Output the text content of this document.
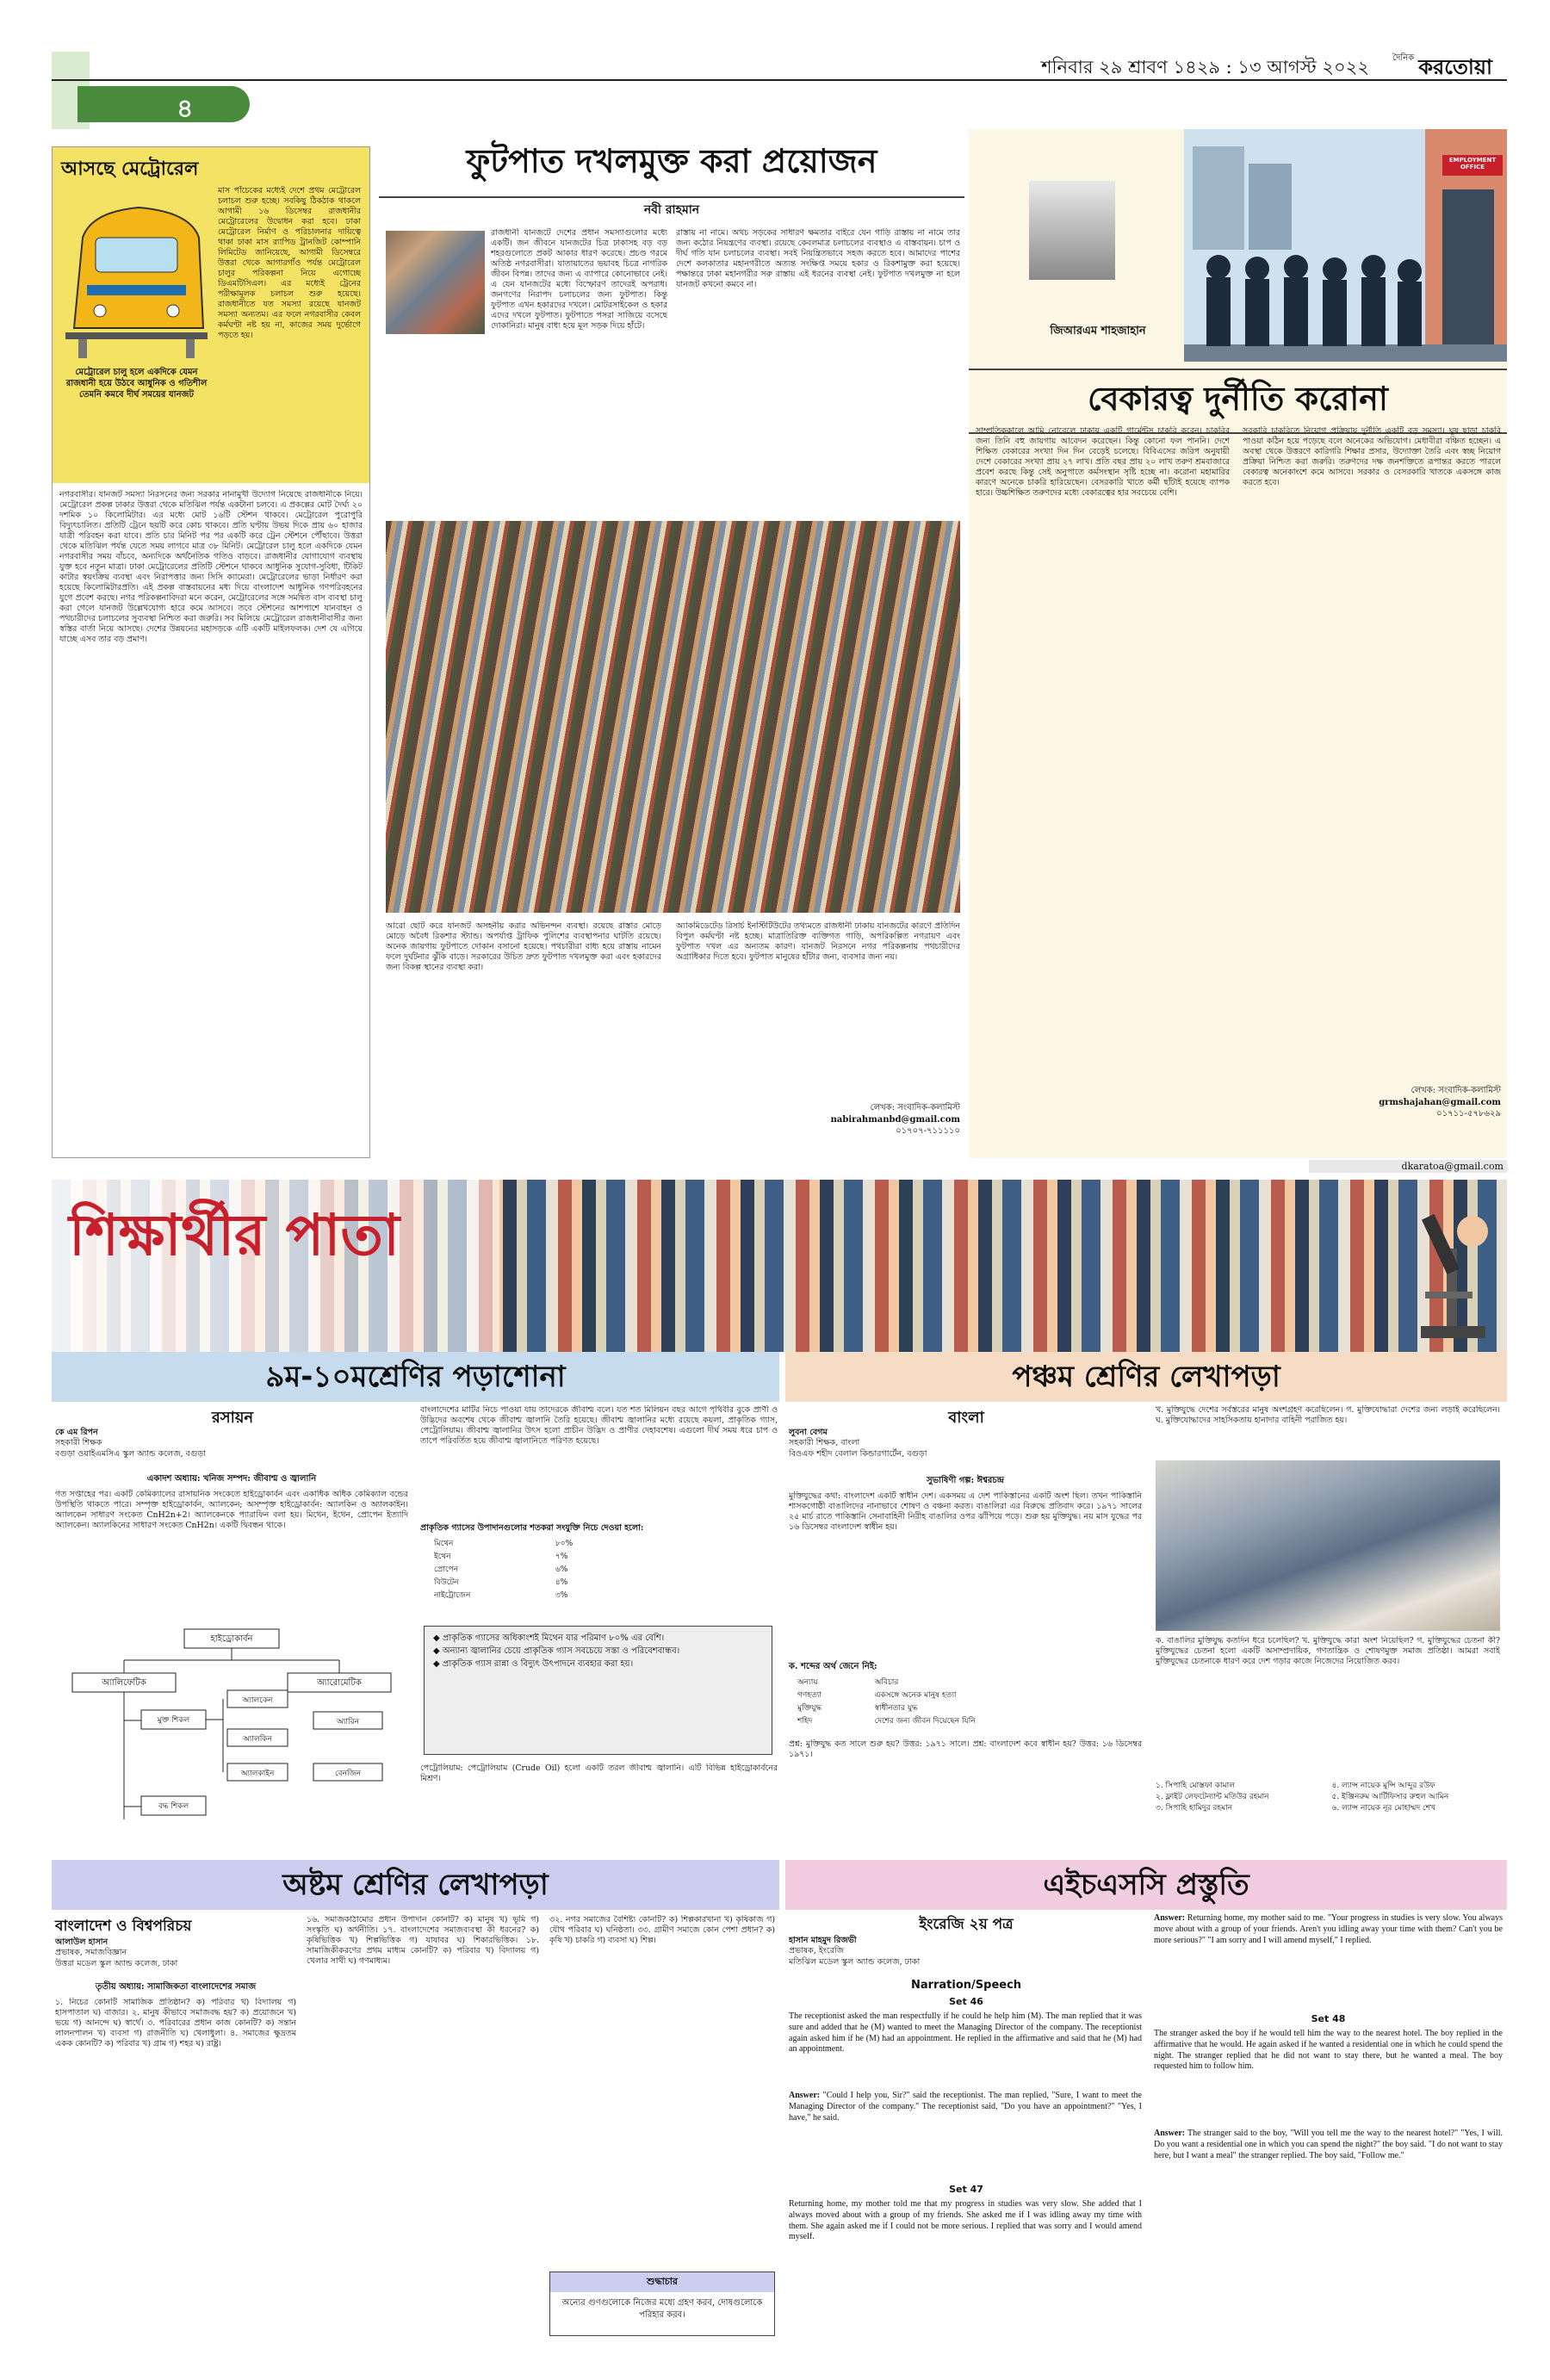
৪
শনিবার ২৯ শ্রাবণ ১৪২৯ : ১৩ আগস্ট ২০২২	$^{দৈনিক}$ করতোয়া
আসছে মেট্রোরেল
মাস পাঁচেকের মধ্যেই দেশে প্রথম মেট্রোরেল চলাচল শুরু হচ্ছে। সবকিছু ঠিকঠাক থাকলে আগামী ১৬ ডিসেম্বর রাজধানীর মেট্রোরেলের উদ্বোধন করা হবে। ঢাকা মেট্রোরেল নির্মাণ ও পরিচালনার দায়িত্বে থাকা ঢাকা মাস র‌্যাপিড ট্রানজিট কোম্পানি লিমিটেড জানিয়েছে, আগামী ডিসেম্বরে উত্তরা থেকে আগারগাঁও পর্যন্ত মেট্রোরেল চালুর পরিকল্পনা নিয়ে এগোচ্ছে ডিএমটিসিএল। এর মধ্যেই ট্রেনের পরীক্ষামূলক চলাচল শুরু হয়েছে। রাজধানীতে যত সমস্যা রয়েছে যানজট সমস্যা অন্যতম। এর ফলে নগরবাসীর কেবল কর্মঘণ্টা নষ্ট হয় না, কাজের সময় দুর্ভোগে পড়তে হয়।
মেট্রোরেল চালু হলে একদিকে যেমন রাজধানী হয়ে উঠবে আধুনিক ও গতিশীল তেমনি কমবে দীর্ঘ সময়ের যানজট
নগরবাসীর। যানজট সমস্যা নিরসনের জন্য সরকার নানামুখী উদ্যোগ নিয়েছে রাজধানীকে নিয়ে। মেট্রোরেল প্রকল্প ঢাকার উত্তরা থেকে মতিঝিল পর্যন্ত একটানা চলবে। এ প্রকল্পের মোট দৈর্ঘ্য ২০ দশমিক ১০ কিলোমিটার। এর মধ্যে মোট ১৬টি স্টেশন থাকবে। মেট্রোরেল পুরোপুরি বিদ্যুৎচালিত। প্রতিটি ট্রেনে ছয়টি করে কোচ থাকবে। প্রতি ঘণ্টায় উভয় দিকে প্রায় ৬০ হাজার যাত্রী পরিবহন করা যাবে। প্রতি চার মিনিট পর পর একটি করে ট্রেন স্টেশনে পৌঁছাবে। উত্তরা থেকে মতিঝিল পর্যন্ত যেতে সময় লাগবে মাত্র ৩৮ মিনিট। মেট্রোরেল চালু হলে একদিকে যেমন নগরবাসীর সময় বাঁচবে, অন্যদিকে অর্থনৈতিক গতিও বাড়বে। রাজধানীর যোগাযোগ ব্যবস্থায় যুক্ত হবে নতুন মাত্রা। ঢাকা মেট্রোরেলের প্রতিটি স্টেশনে থাকবে আধুনিক সুযোগ-সুবিধা, টিকিট কাটার স্বয়ংক্রিয় ব্যবস্থা এবং নিরাপত্তার জন্য সিসি ক্যামেরা। মেট্রোরেলের ভাড়া নির্ধারণ করা হয়েছে কিলোমিটারপ্রতি। এই প্রকল্প বাস্তবায়নের মধ্য দিয়ে বাংলাদেশ আধুনিক গণপরিবহনের যুগে প্রবেশ করছে। নগর পরিকল্পনাবিদরা মনে করেন, মেট্রোরেলের সঙ্গে সমন্বিত বাস ব্যবস্থা চালু করা গেলে যানজট উল্লেখযোগ্য হারে কমে আসবে। তবে স্টেশনের আশপাশে যানবাহন ও পথচারীদের চলাচলের সুব্যবস্থা নিশ্চিত করা জরুরি। সব মিলিয়ে মেট্রোরেল রাজধানীবাসীর জন্য স্বস্তির বার্তা নিয়ে আসছে। দেশের উন্নয়নের মহাসড়কে এটি একটি মাইলফলক। দেশ যে এগিয়ে যাচ্ছে এসব তার বড় প্রমাণ।
ফুটপাত দখলমুক্ত করা প্রয়োজন
নবী রাহমান
রাজধানী যানজটে দেশের প্রধান সমস্যাগুলোর মধ্যে একটি। জন জীবনে যানজটের চিত্র ঢাকাসহ বড় বড় শহরগুলোতে প্রকট আকার ধারণ করেছে। প্রচণ্ড গরমে অতিষ্ঠ নগরবাসীরা। যাতায়াতের ভয়াবহ চিত্রে নাগরিক জীবন বিপন্ন। তাদের জন্য এ ব্যাপারে কোনোভাবে নেই। এ যেন যানজটের মধ্যে বিস্ফোরণ তাদেরই অপরাধ। জনগণের নিরাপদ চলাচলের জন্য ফুটপাত। কিন্তু ফুটপাত এখন হকারদের দখলে। মোটরসাইকেল ও হকার এদের দখলে ফুটপাত। ফুটপাতে পসরা সাজিয়ে বসেছে দোকানিরা। মানুষ বাধ্য হয়ে মূল সড়ক দিয়ে হাঁটে।
রাস্তায় না নামে। অথচ সড়কের সাধারণ ক্ষমতার বাইরে যেন গাড়ি রাস্তায় না নামে তার জন্য কঠোর নিয়ন্ত্রণের ব্যবস্থা। রয়েছে কেবলমাত্র চলাচলের ব্যবস্থাও এ বাস্তবায়ন। চাপ ও দীর্ঘ গতি যান চলাচলের ব্যবস্থা। সবই নিয়ন্ত্রিতভাবে সহজ করতে হবে। আমাদের পাশের দেশে কলকাতার মহানগরীতে অত্যন্ত সংক্ষিপ্ত সময়ে হকার ও রিকশামুক্ত করা হয়েছে। পক্ষান্তরে ঢাকা মহানগরীর সরু রাস্তায় এই ধরনের ব্যবস্থা নেই। ফুটপাত দখলমুক্ত না হলে যানজট কখনো কমবে না।
আরো ছোট করে যানজট অসহনীয় করার অভিনন্দন ব্যবস্থা। রয়েছে রাস্তার মোড়ে মোড়ে অবৈধ রিকশার স্ট্যান্ড। অপর্যাপ্ত ট্রাফিক পুলিশের ব্যবস্থাপনার ঘাটতি রয়েছে। অনেক জায়গায় ফুটপাতে দোকান বসানো হয়েছে। পথচারীরা বাধ্য হয়ে রাস্তায় নামেন ফলে দুর্ঘটনার ঝুঁকি বাড়ে। সরকারের উচিত দ্রুত ফুটপাত দখলমুক্ত করা এবং হকারদের জন্য বিকল্প স্থানের ব্যবস্থা করা।
অ্যাকমিডেটেড রিসার্চ ইনস্টিটিউটের তথ্যমতে রাজধানী ঢাকায় যানজটের কারণে প্রতিদিন বিপুল কর্মঘণ্টা নষ্ট হচ্ছে। মাত্রাতিরিক্ত ব্যক্তিগত গাড়ি, অপরিকল্পিত নগরায়ণ এবং ফুটপাত দখল এর অন্যতম কারণ। যানজট নিরসনে নগর পরিকল্পনায় পথচারীদের অগ্রাধিকার দিতে হবে। ফুটপাত মানুষের হাঁটার জন্য, ব্যবসার জন্য নয়।
লেখক: সংবাদিক-কলামিস্ট
nabirahmanbd@gmail.com
০১৭০৭-৭১১১১০
জিআরএম শাহজাহান
EMPLOYMENT OFFICE
বেকারত্ব দুর্নীতি করোনা
সাম্প্রতিককালে আমি নোবেলে ঢাকায় একটি গার্মেন্টস চাকরি করেন। চাকরির জন্য তিনি বহু জায়গায় আবেদন করেছেন। কিন্তু কোনো ফল পাননি। দেশে শিক্ষিত বেকারের সংখ্যা দিন দিন বেড়েই চলেছে। বিবিএসের জরিপ অনুযায়ী দেশে বেকারের সংখ্যা প্রায় ২৭ লাখ। প্রতি বছর প্রায় ২০ লাখ তরুণ শ্রমবাজারে প্রবেশ করছে কিন্তু সেই অনুপাতে কর্মসংস্থান সৃষ্টি হচ্ছে না। করোনা মহামারির কারণে অনেকে চাকরি হারিয়েছেন। বেসরকারি খাতে কর্মী ছাঁটাই হয়েছে ব্যাপক হারে। উচ্চশিক্ষিত তরুণদের মধ্যে বেকারত্বের হার সবচেয়ে বেশি।
সরকারি চাকরিতে নিয়োগ প্রক্রিয়ায় দুর্নীতি একটি বড় সমস্যা। ঘুষ ছাড়া চাকরি পাওয়া কঠিন হয়ে পড়েছে বলে অনেকের অভিযোগ। মেধাবীরা বঞ্চিত হচ্ছেন। এ অবস্থা থেকে উত্তরণে কারিগরি শিক্ষার প্রসার, উদ্যোক্তা তৈরি এবং স্বচ্ছ নিয়োগ প্রক্রিয়া নিশ্চিত করা জরুরি। তরুণদের দক্ষ জনশক্তিতে রূপান্তর করতে পারলে বেকারত্ব অনেকাংশে কমে আসবে। সরকার ও বেসরকারি খাতকে একসঙ্গে কাজ করতে হবে।
লেখক: সংবাদিক-কলামিস্ট
grmshajahan@gmail.com
০১৭১১-৫৭৮৬২৯
dkaratoa@gmail.com
শিক্ষার্থীর পাতা
৯ম-১০মশ্রেণির পড়াশোনা
রসায়ন
কে এম রিপন
সহকারী শিক্ষক
বগুড়া ওয়াইএমসিএ স্কুল অ্যান্ড কলেজ, বগুড়া
একাদশ অধ্যায়: খনিজ সম্পদ: জীবাশ্ম ও জ্বালানি
গত সপ্তাহের পর। একটি কেমিক্যালের রাসায়নিক সংকেতে হাইড্রোকার্বন এবং একাধিক অধিক কেমিক্যাল বন্ডের উপস্থিতি থাকতে পারে। সম্পৃক্ত হাইড্রোকার্বন, অ্যালকেন; অসম্পৃক্ত হাইড্রোকার্বন: অ্যালকিন ও অ্যালকাইন। অ্যালকেন সাধারণ সংকেত CnH2n+2। অ্যালকেনকে প্যারাফিন বলা হয়। মিথেন, ইথেন, প্রোপেন ইত্যাদি অ্যালকেন। অ্যালকিনের সাধারণ সংকেত CnH2n। একটি দ্বিবন্ধন থাকে।
হাইড্রোকার্বন
অ্যালিফেটিক	অ্যারোমেটিক
মুক্ত শিকল
বদ্ধ শিকল
অ্যালকেন
অ্যালকিন
অ্যালকাইন
অ্যারিন
বেনজিন
বাংলাদেশের মাটির নিচে পাওয়া যায় তাদেরকে জীবাশ্ম বলে। যত শত মিলিয়ন বছর আগে পৃথিবীর বুকে প্রাণী ও উদ্ভিদের অবশেষ থেকে জীবাশ্ম জ্বালানি তৈরি হয়েছে। জীবাশ্ম জ্বালানির মধ্যে রয়েছে কয়লা, প্রাকৃতিক গ্যাস, পেট্রোলিয়াম। জীবাশ্ম জ্বালানির উৎস হলো প্রাচীন উদ্ভিদ ও প্রাণীর দেহাবশেষ। এগুলো দীর্ঘ সময় ধরে চাপ ও তাপে পরিবর্তিত হয়ে জীবাশ্ম জ্বালানিতে পরিণত হয়েছে।
প্রাকৃতিক গ্যাসের উপাদানগুলোর শতকরা সংযুক্তি নিচে দেওয়া হলো:
মিথেন	৮০%
ইথেন	৭%
প্রোপেন	৬%
বিউটেন	৪%
নাইট্রোজেন	৩%
◆ প্রাকৃতিক গ্যাসের অধিকাংশই মিথেন যার পরিমাণ ৮০% এর বেশি।
◆ অন্যান্য জ্বালানির চেয়ে প্রাকৃতিক গ্যাস সবচেয়ে সস্তা ও পরিবেশবান্ধব।
◆ প্রাকৃতিক গ্যাস রান্না ও বিদ্যুৎ উৎপাদনে ব্যবহার করা হয়।
পেট্রোলিয়াম: পেট্রোলিয়াম (Crude Oil) হলো একটি তরল জীবাশ্ম জ্বালানি। এটি বিভিন্ন হাইড্রোকার্বনের মিশ্রণ।
পঞ্চম শ্রেণির লেখাপড়া
বাংলা
লুবনা বেগম
সহকারী শিক্ষক, বাংলা
বিওএফ শহীদ বেলাল কিন্ডারগার্টেন, বগুড়া
সুভাষিণী গল্প: ঈশ্বরচন্দ্র
মুক্তিযুদ্ধের কথা: বাংলাদেশ একটি স্বাধীন দেশ। একসময় এ দেশ পাকিস্তানের একটি অংশ ছিল। তখন পাকিস্তানি শাসকগোষ্ঠী বাঙালিদের নানাভাবে শোষণ ও বঞ্চনা করত। বাঙালিরা এর বিরুদ্ধে প্রতিবাদ করে। ১৯৭১ সালের ২৫ মার্চ রাতে পাকিস্তানি সেনাবাহিনী নিরীহ বাঙালির ওপর ঝাঁপিয়ে পড়ে। শুরু হয় মুক্তিযুদ্ধ। নয় মাস যুদ্ধের পর ১৬ ডিসেম্বর বাংলাদেশ স্বাধীন হয়।
ক. শব্দের অর্থ জেনে নিই:
অন্যায়	অবিচার
গণহত্যা	একসঙ্গে অনেক মানুষ হত্যা
মুক্তিযুদ্ধ	স্বাধীনতার যুদ্ধ
শহিদ	দেশের জন্য জীবন দিয়েছেন যিনি
প্রশ্ন: মুক্তিযুদ্ধ কত সালে শুরু হয়? উত্তর: ১৯৭১ সালে। প্রশ্ন: বাংলাদেশ কবে স্বাধীন হয়? উত্তর: ১৬ ডিসেম্বর ১৯৭১।
খ. মুক্তিযুদ্ধে দেশের সর্বস্তরের মানুষ অংশগ্রহণ করেছিলেন। গ. মুক্তিযোদ্ধারা দেশের জন্য লড়াই করেছিলেন। ঘ. মুক্তিযোদ্ধাদের সাহসিকতায় হানাদার বাহিনী পরাজিত হয়।
ক. বাঙালির মুক্তিযুদ্ধ কতদিন ধরে চলেছিল? খ. মুক্তিযুদ্ধে কারা অংশ নিয়েছিল? গ. মুক্তিযুদ্ধের চেতনা কী? মুক্তিযুদ্ধের চেতনা হলো একটি অসাম্প্রদায়িক, গণতান্ত্রিক ও শোষণমুক্ত সমাজ প্রতিষ্ঠা। আমরা সবাই মুক্তিযুদ্ধের চেতনাকে ধারণ করে দেশ গড়ার কাজে নিজেদের নিয়োজিত করব।
১. সিপাহি মোস্তফা কামাল
২. ফ্লাইট লেফটেন্যান্ট মতিউর রহমান
৩. সিপাহি হামিদুর রহমান
৪. ল্যান্স নায়েক মুন্সি আব্দুর রউফ
৫. ইঞ্জিনরুম আর্টিফিসার রুহুল আমিন
৬. ল্যান্স নায়েক নূর মোহাম্মদ শেখ
অষ্টম শ্রেণির লেখাপড়া
বাংলাদেশ ও বিশ্বপরিচয়
আলাউল হাসান
প্রভাষক, সমাজবিজ্ঞান
উত্তরা মডেল স্কুল অ্যান্ড কলেজ, ঢাকা
তৃতীয় অধ্যায়: সামাজিকতা বাংলাদেশের সমাজ
১. নিচের কোনটি সামাজিক প্রতিষ্ঠান? ক) পরিবার খ) বিদ্যালয় গ) হাসপাতাল ঘ) বাজার। ২. মানুষ কীভাবে সমাজবদ্ধ হয়? ক) প্রয়োজনে খ) ভয়ে গ) আনন্দে ঘ) স্বার্থে। ৩. পরিবারের প্রধান কাজ কোনটি? ক) সন্তান লালনপালন খ) ব্যবসা গ) রাজনীতি ঘ) খেলাধুলা। ৪. সমাজের ক্ষুদ্রতম একক কোনটি? ক) পরিবার খ) গ্রাম গ) শহর ঘ) রাষ্ট্র।
১৬. সমাজকাঠামোর প্রধান উপাদান কোনটি? ক) মানুষ খ) ভূমি গ) সংস্কৃতি ঘ) অর্থনীতি। ১৭. বাংলাদেশের সমাজব্যবস্থা কী ধরনের? ক) কৃষিভিত্তিক খ) শিল্পভিত্তিক গ) যাযাবর ঘ) শিকারভিত্তিক। ১৮. সামাজিকীকরণের প্রথম মাধ্যম কোনটি? ক) পরিবার খ) বিদ্যালয় গ) খেলার সাথী ঘ) গণমাধ্যম।
৩২. নগর সমাজের বৈশিষ্ট্য কোনটি? ক) শিল্পকারখানা খ) কৃষিকাজ গ) যৌথ পরিবার ঘ) ঘনিষ্ঠতা। ৩৩. গ্রামীণ সমাজে কোন পেশা প্রধান? ক) কৃষি খ) চাকরি গ) ব্যবসা ঘ) শিল্প।
শুদ্ধাচার
অন্যের গুণগুলোকে নিজের মধ্যে গ্রহণ করব, দোষগুলোকে পরিহার করব।
এইচএসসি প্রস্তুতি
ইংরেজি ২য় পত্র
হাসান মাহমুদ রিজভী
প্রভাষক, ইংরেজি
মতিঝিল মডেল স্কুল অ্যান্ড কলেজ, ঢাকা
Narration/Speech
Set 46
The receptionist asked the man respectfully if he could he help him (M). The man replied that it was sure and added that he (M) wanted to meet the Managing Director of the company. The receptionist again asked him if he (M) had an appointment. He replied in the affirmative and said that he (M) had an appointment.
Answer: "Could I help you, Sir?" said the receptionist. The man replied, "Sure, I want to meet the Managing Director of the company." The receptionist said, "Do you have an appointment?" "Yes, I have," he said.
Set 47
Returning home, my mother told me that my progress in studies was very slow. She added that I always moved about with a group of my friends. She asked me if I was idling away my time with them. She again asked me if I could not be more serious. I replied that was sorry and I would amend myself.
Answer: Returning home, my mother said to me. "Your progress in studies is very slow. You always move about with a group of your friends. Aren't you idling away your time with them? Can't you be more serious?" "I am sorry and I will amend myself," I replied.
Set 48
The stranger asked the boy if he would tell him the way to the nearest hotel. The boy replied in the affirmative that he would. He again asked if he wanted a residential one in which he could spend the night. The stranger replied that he did not want to stay there, but he wanted a meal. The boy requested him to follow him.
Answer: The stranger said to the boy, "Will you tell me the way to the nearest hotel?" "Yes, I will. Do you want a residential one in which you can spend the night?" the boy said. "I do not want to stay here, but I want a meal" the stranger replied. The boy said, "Follow me."
